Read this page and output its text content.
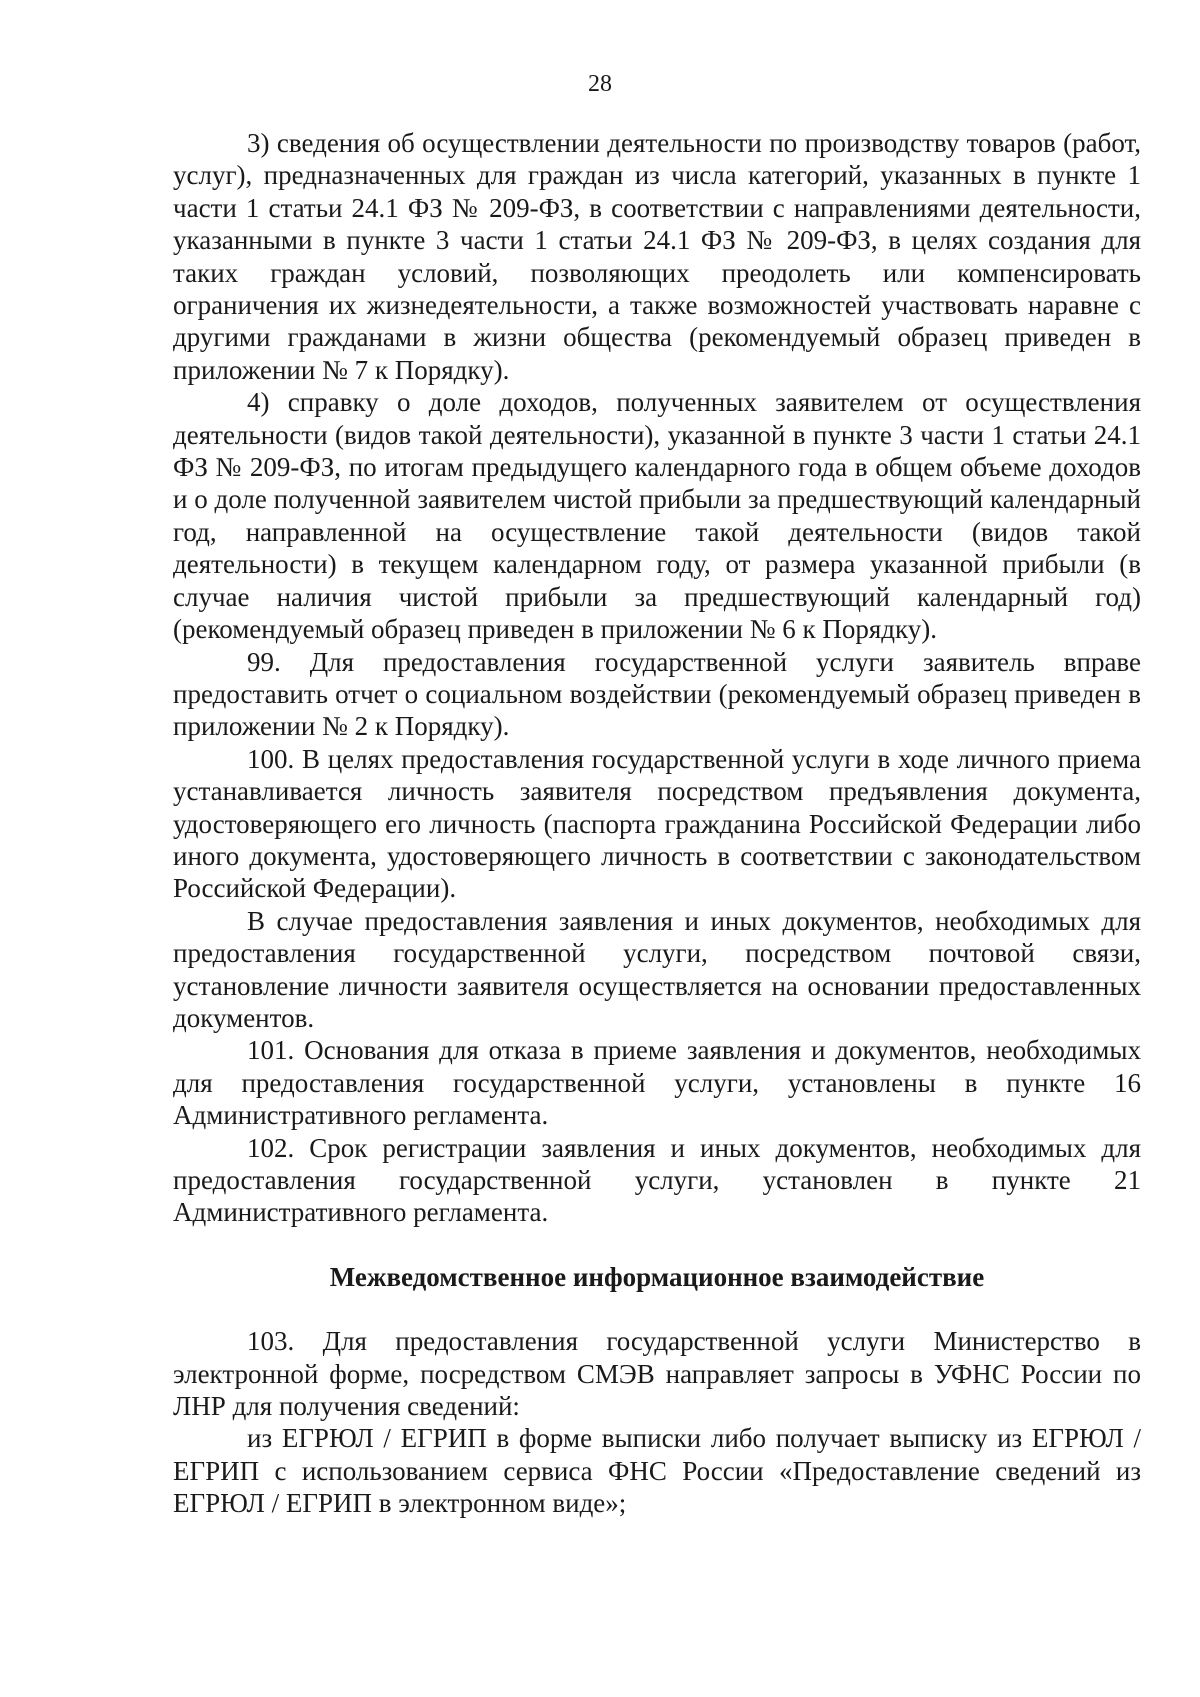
28

3) сведения об осуществлении деятельности по производству товаров (работ, услуг), предназначенных для граждан из числа категорий, указанных в пункте 1 части 1 статьи 24.1 ФЗ № 209-ФЗ, в соответствии с направлениями деятельности, указанными в пункте 3 части 1 статьи 24.1 ФЗ № 209-ФЗ, в целях создания для таких граждан условий, позволяющих преодолеть или компенсировать ограничения их жизнедеятельности, а также возможностей участвовать наравне с другими гражданами в жизни общества (рекомендуемый образец приведен в приложении № 7 к Порядку).

4) справку о доле доходов, полученных заявителем от осуществления деятельности (видов такой деятельности), указанной в пункте 3 части 1 статьи 24.1 ФЗ № 209-ФЗ, по итогам предыдущего календарного года в общем объеме доходов и о доле полученной заявителем чистой прибыли за предшествующий календарный год, направленной на осуществление такой деятельности (видов такой деятельности) в текущем календарном году, от размера указанной прибыли (в случае наличия чистой прибыли за предшествующий календарный год) (рекомендуемый образец приведен в приложении № 6 к Порядку).

99. Для предоставления государственной услуги заявитель вправе предоставить отчет о социальном воздействии (рекомендуемый образец приведен в приложении № 2 к Порядку).

100. В целях предоставления государственной услуги в ходе личного приема устанавливается личность заявителя посредством предъявления документа, удостоверяющего его личность (паспорта гражданина Российской Федерации либо иного документа, удостоверяющего личность в соответствии с законодательством Российской Федерации).

В случае предоставления заявления и иных документов, необходимых для предоставления государственной услуги, посредством почтовой связи, установление личности заявителя осуществляется на основании предоставленных документов.

101. Основания для отказа в приеме заявления и документов, необходимых для предоставления государственной услуги, установлены в пункте 16 Административного регламента.

102. Срок регистрации заявления и иных документов, необходимых для предоставления государственной услуги, установлен в пункте 21 Административного регламента.

Межведомственное информационное взаимодействие

103. Для предоставления государственной услуги Министерство в электронной форме, посредством СМЭВ направляет запросы в УФНС России по ЛНР для получения сведений:

из ЕГРЮЛ / ЕГРИП в форме выписки либо получает выписку из ЕГРЮЛ / ЕГРИП с использованием сервиса ФНС России «Предоставление сведений из ЕГРЮЛ / ЕГРИП в электронном виде»;
